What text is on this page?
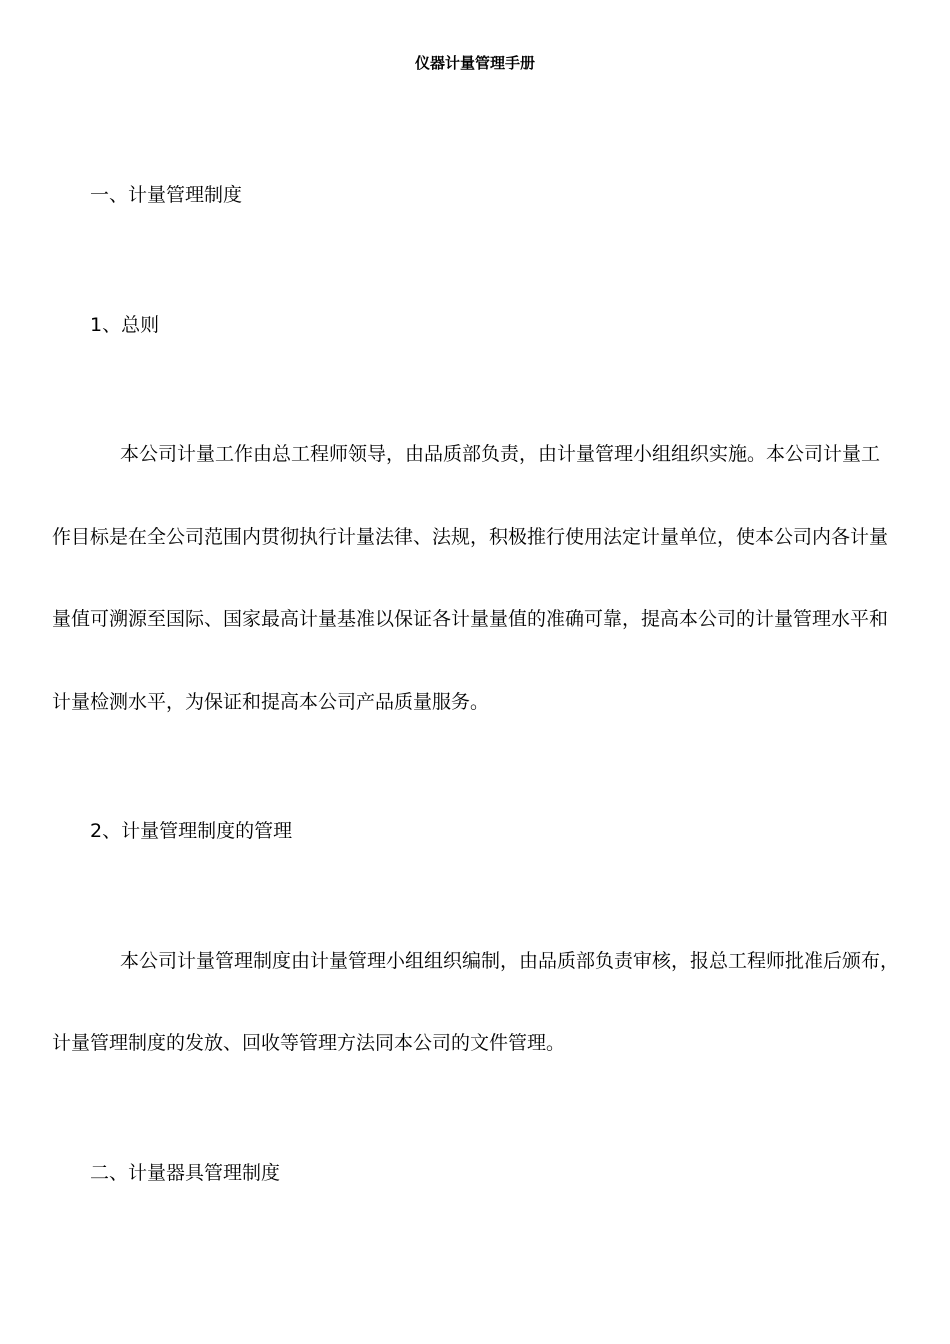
仪器计量管理手册
一、计量管理制度
1、总则
本公司计量工作由总工程师领导，由品质部负责，由计量管理小组组织实施。本公司计量工
作目标是在全公司范围内贯彻执行计量法律、法规，积极推行使用法定计量单位，使本公司内各计量
量值可溯源至国际、国家最高计量基准以保证各计量量值的准确可靠，提高本公司的计量管理水平和
计量检测水平，为保证和提高本公司产品质量服务。
2、计量管理制度的管理
本公司计量管理制度由计量管理小组组织编制，由品质部负责审核，报总工程师批准后颁布，
计量管理制度的发放、回收等管理方法同本公司的文件管理。
二、计量器具管理制度
